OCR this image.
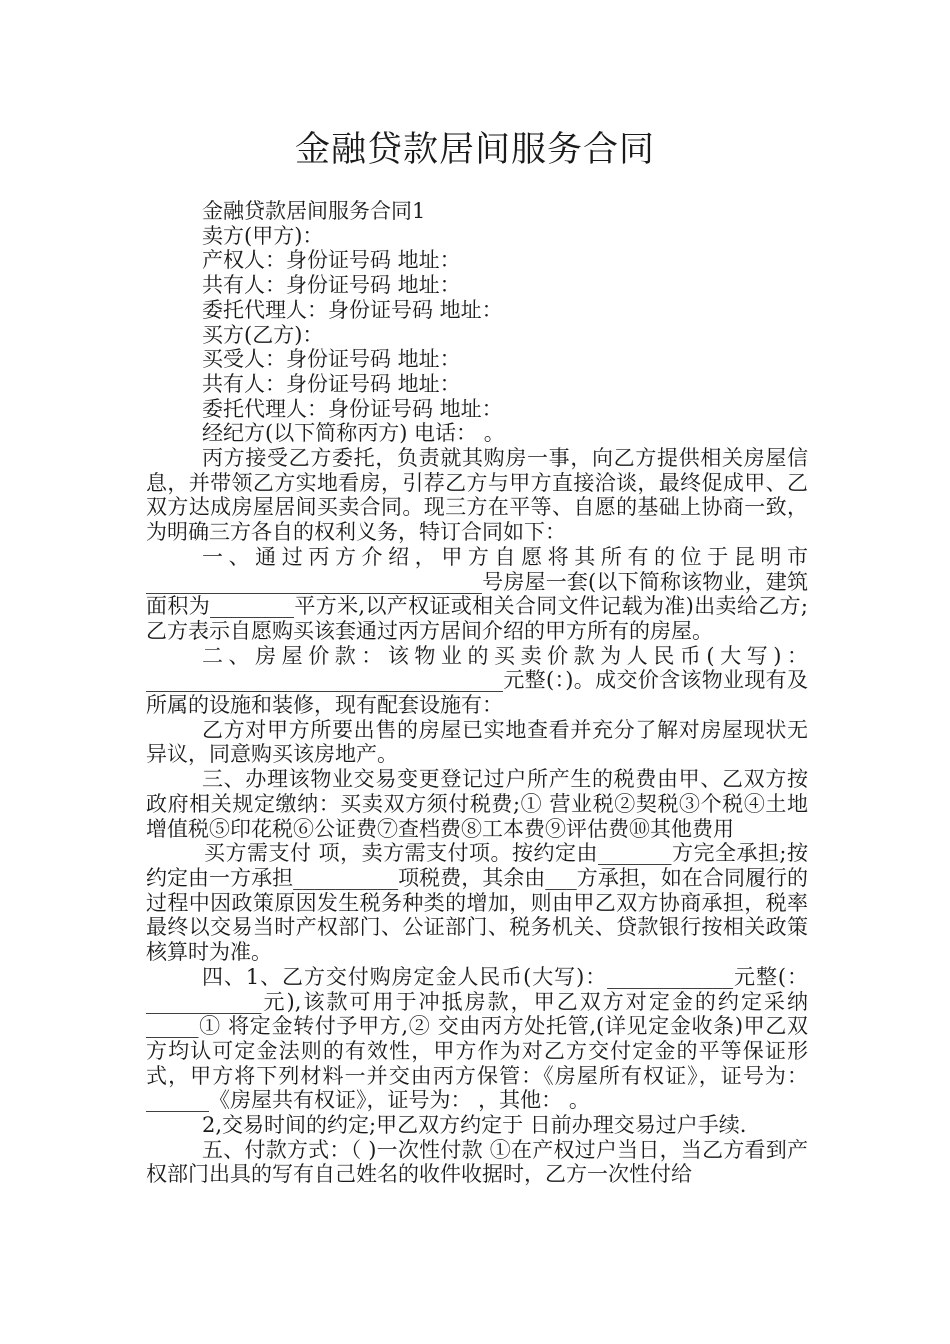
金融贷款居间服务合同

金融贷款居间服务合同1

卖方(甲方)：

产权人：身份证号码 地址：

共有人：身份证号码 地址：

委托代理人：身份证号码 地址：

买方(乙方)：

买受人：身份证号码 地址：

共有人：身份证号码 地址：

委托代理人：身份证号码 地址：

经纪方(以下简称丙方) 电话： 。

丙方接受乙方委托，负责就其购房一事，向乙方提供相关房屋信息，并带领乙方实地看房，引荐乙方与甲方直接洽谈，最终促成甲、乙双方达成房屋居间买卖合同。现三方在平等、自愿的基础上协商一致，为明确三方各自的权利义务，特订合同如下：

一、通过丙方介绍，甲方自愿将其所有的位于昆明市________________________________号房屋一套(以下简称该物业，建筑面积为________平方米,以产权证或相关合同文件记载为准)出卖给乙方;乙方表示自愿购买该套通过丙方居间介绍的甲方所有的房屋。

二、房屋价款：该物业的买卖价款为人民币(大写)：__________________________________元整(：)。成交价含该物业现有及所属的设施和装修，现有配套设施有：

乙方对甲方所要出售的房屋已实地查看并充分了解对房屋现状无异议，同意购买该房地产。

三、办理该物业交易变更登记过户所产生的税费由甲、乙双方按政府相关规定缴纳：买卖双方须付税费;① 营业税②契税③个税④土地增值税⑤印花税⑥公证费⑦查档费⑧工本费⑨评估费⑩其他费用

买方需支付 项，卖方需支付项。按约定由_______方完全承担;按约定由一方承担__________项税费，其余由___方承担，如在合同履行的过程中因政策原因发生税务种类的增加，则由甲乙双方协商承担，税率最终以交易当时产权部门、公证部门、税务机关、贷款银行按相关政策核算时为准。

四、1、乙方交付购房定金人民币(大写)：____________元整(：___________元),该款可用于冲抵房款，甲乙双方对定金的约定采纳_____① 将定金转付予甲方,② 交由丙方处托管,(详见定金收条)甲乙双方均认可定金法则的有效性，甲方作为对乙方交付定金的平等保证形式，甲方将下列材料一并交由丙方保管：《房屋所有权证》，证号为：______《房屋共有权证》，证号为： ，其他： 。

2,交易时间的约定;甲乙双方约定于 日前办理交易过户手续.

五、付款方式：（ )一次性付款 ①在产权过户当日，当乙方看到产权部门出具的写有自己姓名的收件收据时，乙方一次性付给
